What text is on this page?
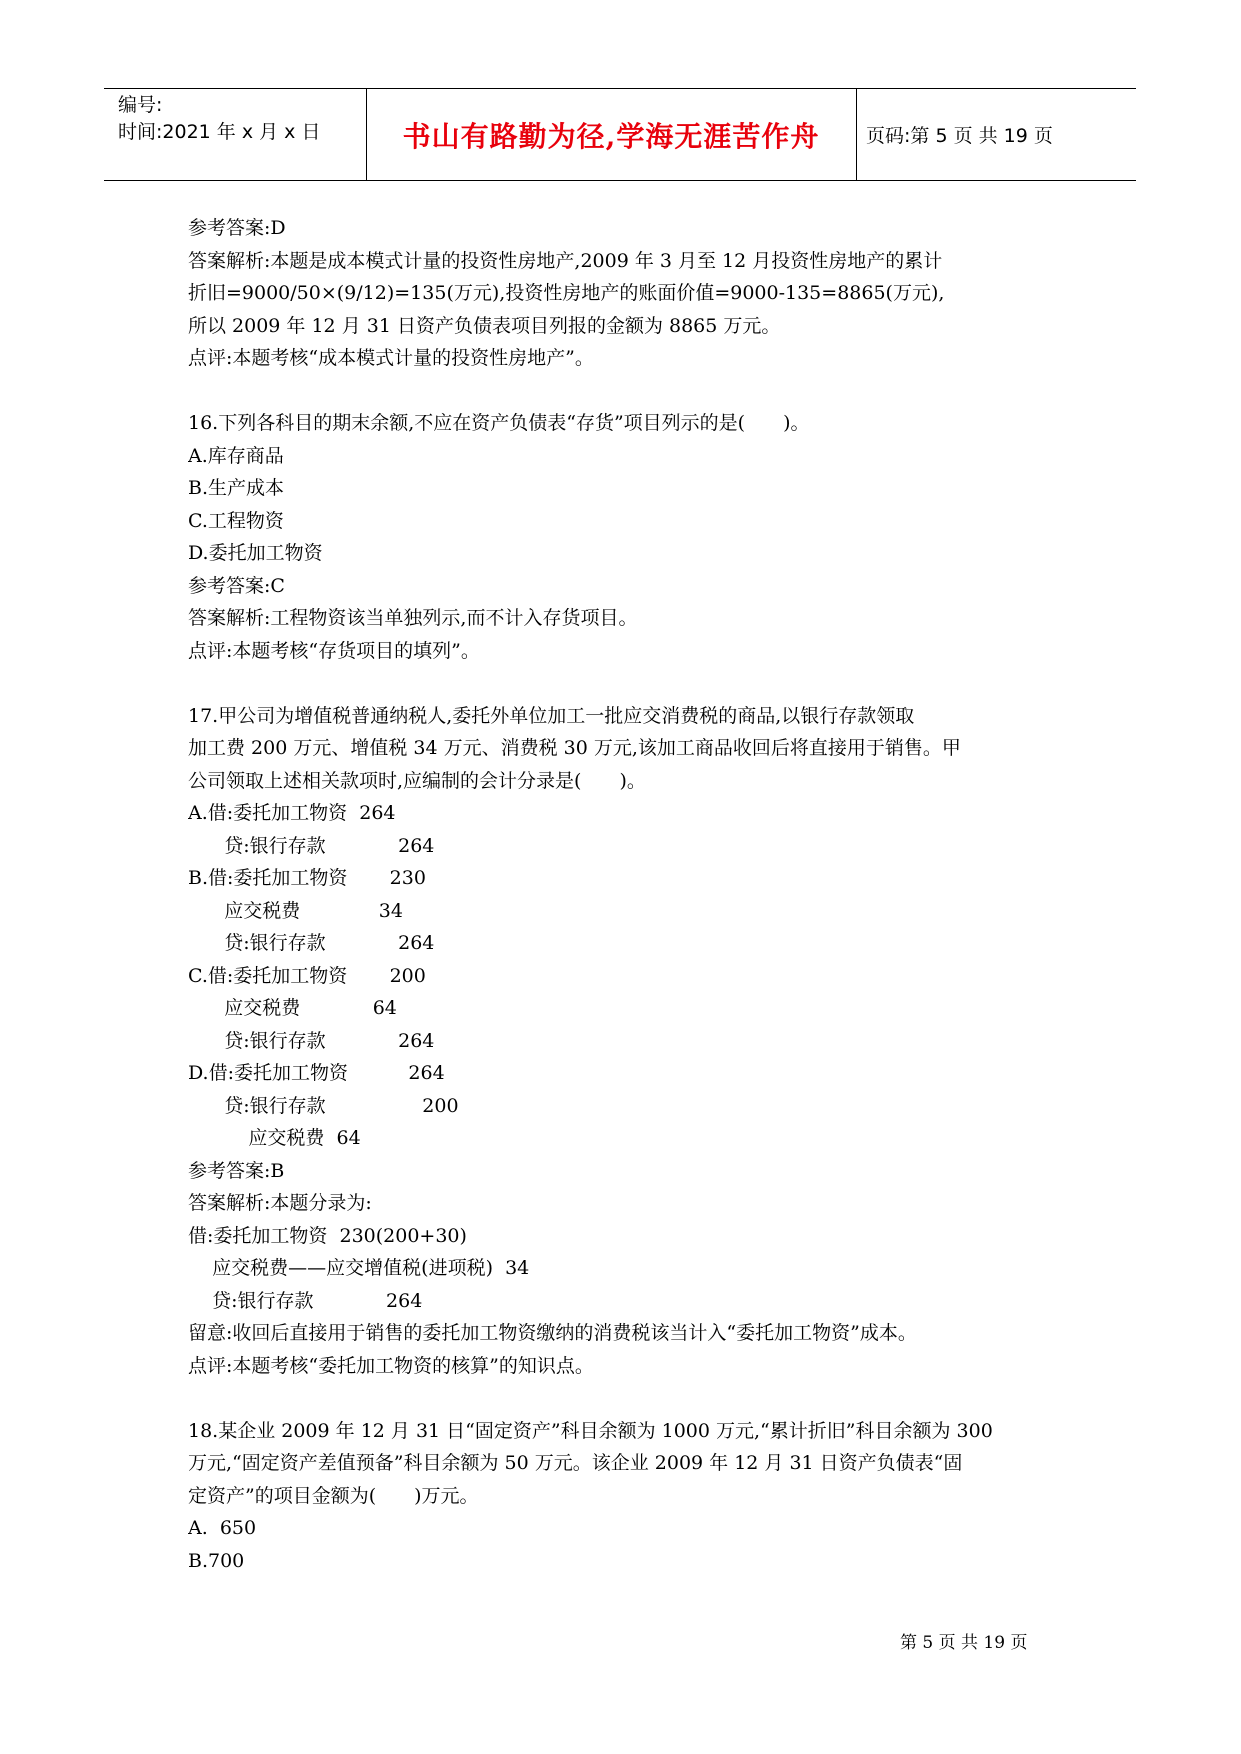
编号:
时间:2021 年 x 月 x 日	书山有路勤为径,学海无涯苦作舟	页码:第 5 页 共 19 页
参考答案:D
答案解析:本题是成本模式计量的投资性房地产,2009 年 3 月至 12 月投资性房地产的累计
折旧=9000/50×(9/12)=135(万元),投资性房地产的账面价值=9000-135=8865(万元),
所以 2009 年 12 月 31 日资产负债表项目列报的金额为 8865 万元。
点评:本题考核“成本模式计量的投资性房地产”。
16.下列各科目的期末余额,不应在资产负债表“存货”项目列示的是(　　)。
A.库存商品
B.生产成本
C.工程物资
D.委托加工物资
参考答案:C
答案解析:工程物资该当单独列示,而不计入存货项目。
点评:本题考核“存货项目的填列”。
17.甲公司为增值税普通纳税人,委托外单位加工一批应交消费税的商品,以银行存款领取
加工费 200 万元、增值税 34 万元、消费税 30 万元,该加工商品收回后将直接用于销售。甲
公司领取上述相关款项时,应编制的会计分录是(　　)。
A.借:委托加工物资  264
贷:银行存款            264
B.借:委托加工物资       230
应交税费             34
贷:银行存款            264
C.借:委托加工物资       200
应交税费            64
贷:银行存款            264
D.借:委托加工物资          264
贷:银行存款                200
应交税费  64
参考答案:B
答案解析:本题分录为:
借:委托加工物资  230(200+30)
应交税费——应交增值税(进项税)  34
贷:银行存款            264
留意:收回后直接用于销售的委托加工物资缴纳的消费税该当计入“委托加工物资”成本。
点评:本题考核“委托加工物资的核算”的知识点。
18.某企业 2009 年 12 月 31 日“固定资产”科目余额为 1000 万元,“累计折旧”科目余额为 300
万元,“固定资产差值预备”科目余额为 50 万元。该企业 2009 年 12 月 31 日资产负债表“固
定资产”的项目金额为(　　)万元。
A.  650
B.700
第 5 页 共 19 页
